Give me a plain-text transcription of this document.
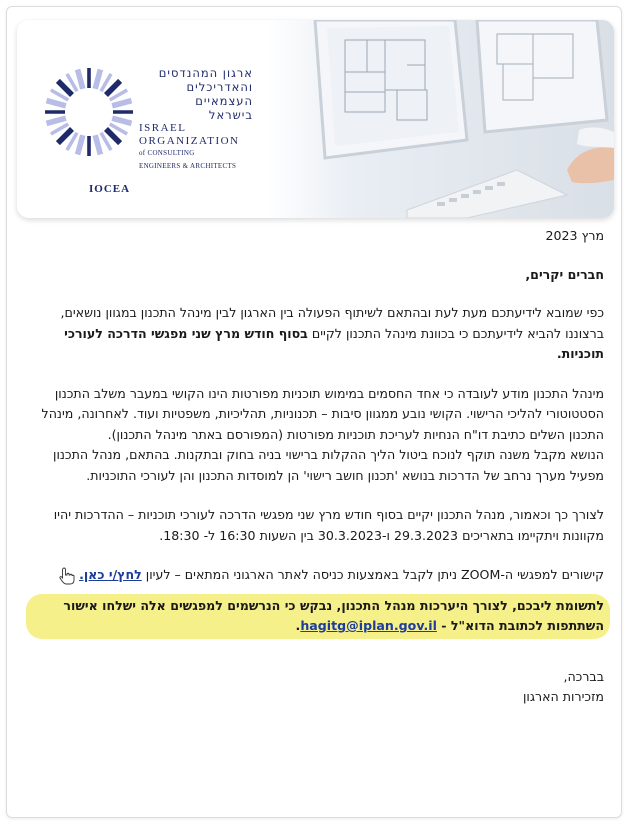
ארגון המהנדסים
והאדריכלים
העצמאיים
בישראל
ISRAEL
ORGANIZATION
of CONSULTING
ENGINEERS & ARCHITECTS
IOCEA
מרץ 2023
חברים יקרים,

כפי שמובא לידיעתכם מעת לעת ובהתאם לשיתוף הפעולה בין הארגון לבין מינהל התכנון במגוון נושאים, ברצוננו להביא לידיעתכם כי בכוונת מינהל התכנון לקיים בסוף חודש מרץ שני מפגשי הדרכה לעורכי תוכניות.

מינהל התכנון מודע לעובדה כי אחד החסמים במימוש תוכניות מפורטות הינו הקושי במעבר משלב התכנון הסטטוטורי להליכי הרישוי. הקושי נובע ממגוון סיבות – תכנוניות, תהליכיות, משפטיות ועוד. לאחרונה, מינהל התכנון השלים כתיבת דו"ח הנחיות לעריכת תוכניות מפורטות (המפורסם באתר מינהל התכנון).

הנושא מקבל משנה תוקף לנוכח ביטול הליך ההקלות ברישוי בניה בחוק ובתקנות. בהתאם, מנהל התכנון מפעיל מערך נרחב של הדרכות בנושא 'תכנון חושב רישוי' הן למוסדות התכנון והן לעורכי התוכניות.

לצורך כך וכאמור, מנהל התכנון יקיים בסוף חודש מרץ שני מפגשי הדרכה לעורכי תוכניות – ההדרכות יהיו מקוונות ויתקיימו בתאריכים 29.3.2023 ו-30.3.2023 בין השעות 16:30 ל- 18:30.

קישורים למפגשי ה-ZOOM ניתן לקבל באמצעות כניסה לאתר הארגוני המתאים – לעיון לחץ/י כאן.

לתשומת ליבכם, לצורך היערכות מנהל התכנון, נבקש כי הנרשמים למפגשים אלה ישלחו אישור השתתפות לכתובת הדוא"ל - hagitg@iplan.gov.il.
בברכה,
מזכירות הארגון
